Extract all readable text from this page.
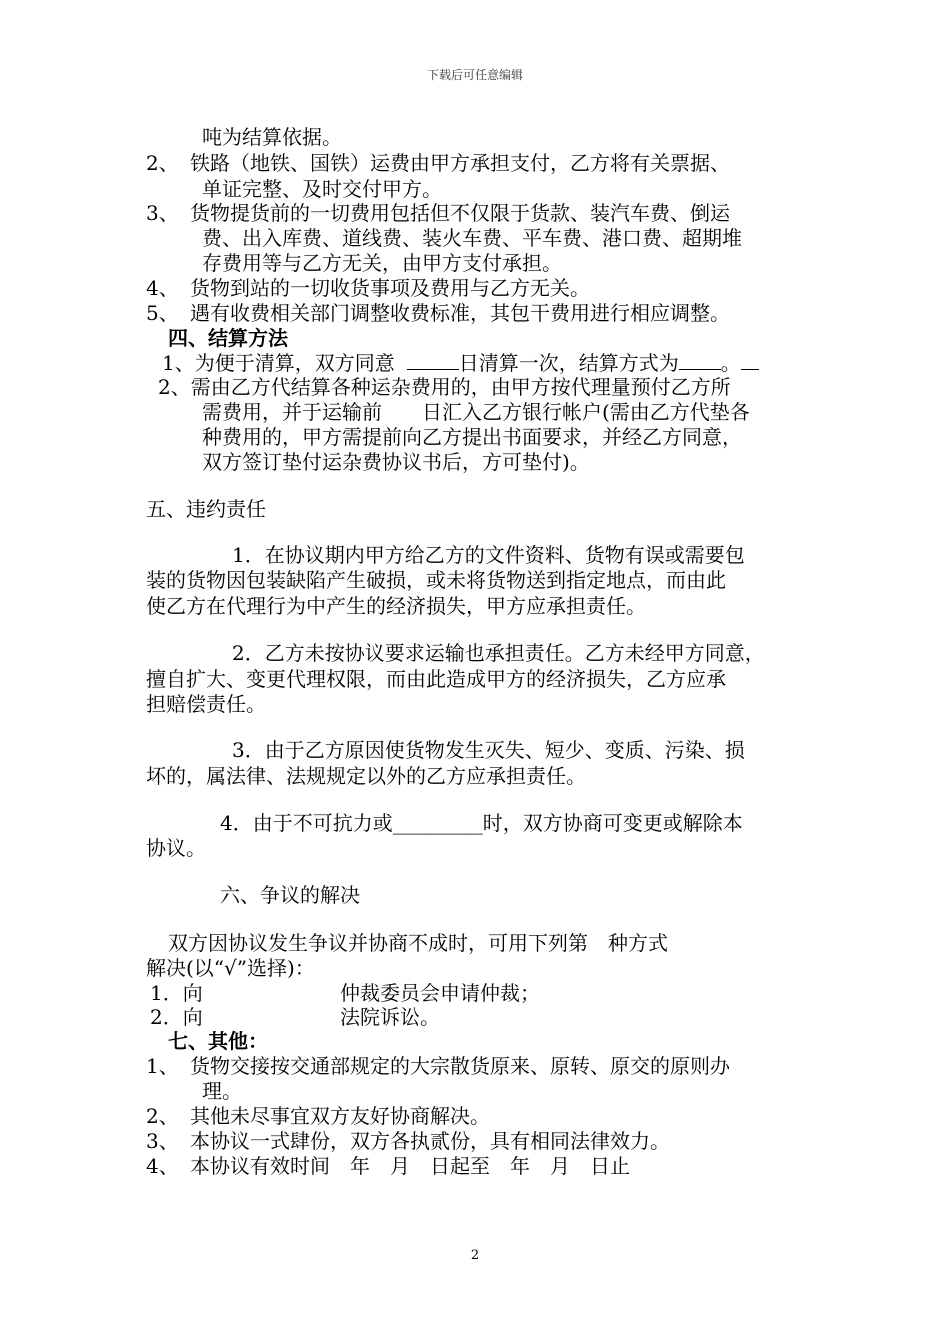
下载后可任意编辑
吨为结算依据。
2、 铁路（地铁、国铁）运费由甲方承担支付，乙方将有关票据、
单证完整、及时交付甲方。
3、 货物提货前的一切费用包括但不仅限于货款、装汽车费、倒运
费、出入库费、道线费、装火车费、平车费、港口费、超期堆
存费用等与乙方无关，由甲方支付承担。
4、 货物到站的一切收货事项及费用与乙方无关。
5、 遇有收费相关部门调整收费标准，其包干费用进行相应调整。
四、结算方法
1、为便于清算，双方同意	日清算一次，结算方式为 。
2、需由乙方代结算各种运杂费用的，由甲方按代理量预付乙方所
需费用，并于运输前　　日汇入乙方银行帐户(需由乙方代垫各
种费用的，甲方需提前向乙方提出书面要求，并经乙方同意，
双方签订垫付运杂费协议书后，方可垫付)。
五、违约责任
1．在协议期内甲方给乙方的文件资料、货物有误或需要包
装的货物因包装缺陷产生破损，或未将货物送到指定地点，而由此
使乙方在代理行为中产生的经济损失，甲方应承担责任。
2．乙方未按协议要求运输也承担责任。乙方未经甲方同意，
擅自扩大、变更代理权限，而由此造成甲方的经济损失，乙方应承
担赔偿责任。
3．由于乙方原因使货物发生灭失、短少、变质、污染、损
坏的，属法律、法规规定以外的乙方应承担责任。
4．由于不可抗力或_________时，双方协商可变更或解除本
协议。
六、争议的解决
双方因协议发生争议并协商不成时，可用下列第　种方式
解决(以“√”选择)：
1．向	仲裁委员会申请仲裁；
2．向	法院诉讼。
七、其他：
1、 货物交接按交通部规定的大宗散货原来、原转、原交的原则办
理。
2、 其他未尽事宜双方友好协商解决。
3、 本协议一式肆份，双方各执贰份，具有相同法律效力。
4、 本协议有效时间　年　月　日起至　年　月　日止
2
